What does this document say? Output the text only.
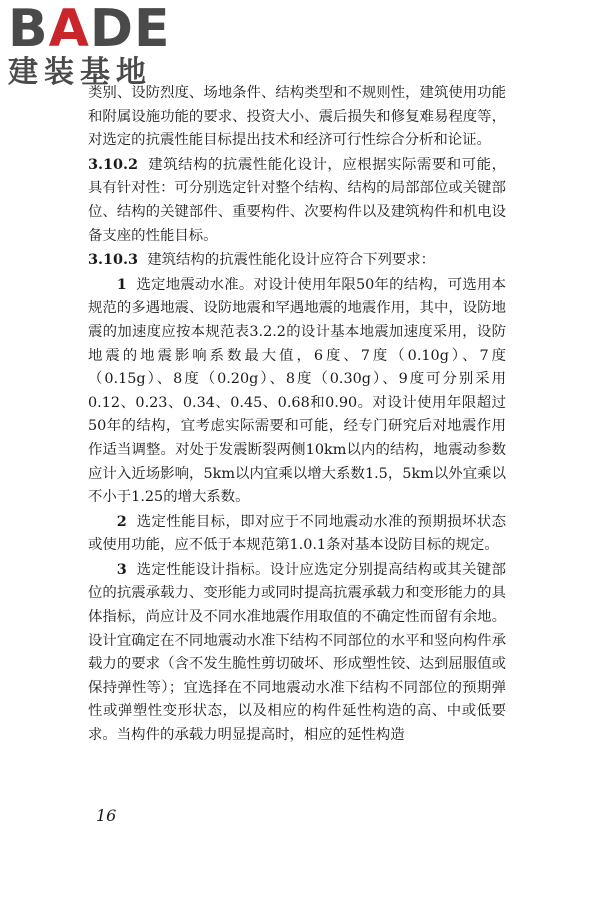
BADE
建装基地

类别、设防烈度、场地条件、结构类型和不规则性，建筑使用功能和附属设施功能的要求、投资大小、震后损失和修复难易程度等，对选定的抗震性能目标提出技术和经济可行性综合分析和论证。

3.10.2 建筑结构的抗震性能化设计，应根据实际需要和可能，具有针对性：可分别选定针对整个结构、结构的局部部位或关键部位、结构的关键部件、重要构件、次要构件以及建筑构件和机电设备支座的性能目标。

3.10.3 建筑结构的抗震性能化设计应符合下列要求：

1 选定地震动水准。对设计使用年限50年的结构，可选用本规范的多遇地震、设防地震和罕遇地震的地震作用，其中，设防地震的加速度应按本规范表3.2.2的设计基本地震加速度采用，设防地震的地震影响系数最大值，6度、7度（0.10g）、7度（0.15g）、8度（0.20g）、8度（0.30g）、9度可分别采用0.12、0.23、0.34、0.45、0.68和0.90。对设计使用年限超过50年的结构，宜考虑实际需要和可能，经专门研究后对地震作用作适当调整。对处于发震断裂两侧10km以内的结构，地震动参数应计入近场影响，5km以内宜乘以增大系数1.5，5km以外宜乘以不小于1.25的增大系数。

2 选定性能目标，即对应于不同地震动水准的预期损坏状态或使用功能，应不低于本规范第1.0.1条对基本设防目标的规定。

3 选定性能设计指标。设计应选定分别提高结构或其关键部位的抗震承载力、变形能力或同时提高抗震承载力和变形能力的具体指标，尚应计及不同水准地震作用取值的不确定性而留有余地。设计宜确定在不同地震动水准下结构不同部位的水平和竖向构件承载力的要求（含不发生脆性剪切破坏、形成塑性铰、达到屈服值或保持弹性等）；宜选择在不同地震动水准下结构不同部位的预期弹性或弹塑性变形状态，以及相应的构件延性构造的高、中或低要求。当构件的承载力明显提高时，相应的延性构造

16
